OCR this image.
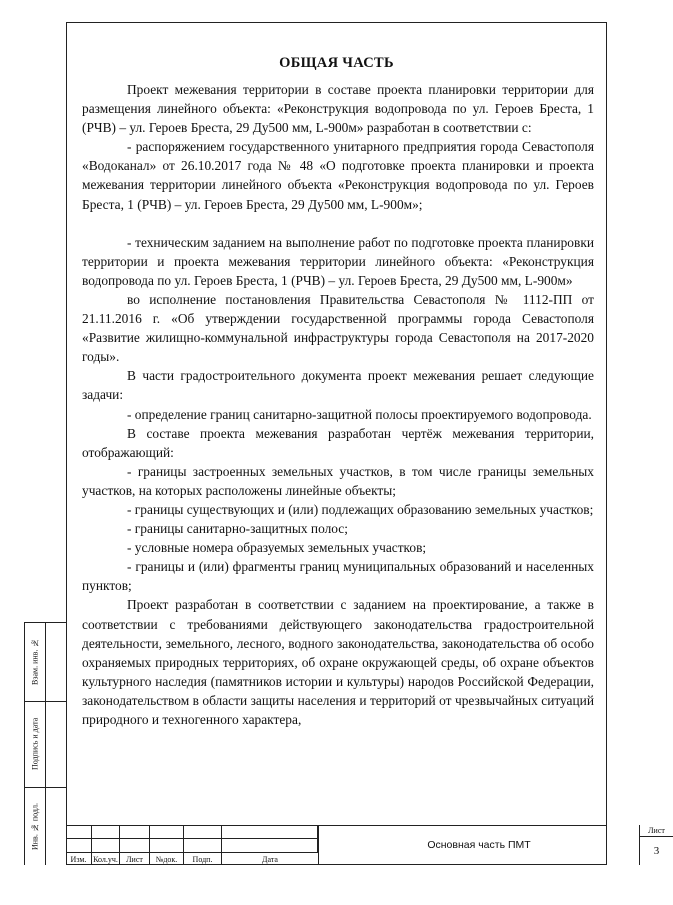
Взам. инв. №
Подпись и дата
Инв. № подл.
ОБЩАЯ ЧАСТЬ

Проект межевания территории в составе проекта планировки территории для размещения линейного объекта: «Реконструкция водопровода по ул. Героев Бреста, 1 (РЧВ) – ул. Героев Бреста, 29 Ду500 мм, L-900м» разработан в соответствии с:

- распоряжением государственного унитарного предприятия города Севастополя «Водоканал» от 26.10.2017 года № 48 «О подготовке проекта планировки и проекта межевания территории линейного объекта «Реконструкция водопровода по ул. Героев Бреста, 1 (РЧВ) – ул. Героев Бреста, 29 Ду500 мм, L-900м»;

- техническим заданием на выполнение работ по подготовке проекта планировки территории и проекта межевания территории линейного объекта: «Реконструкция водопровода по ул. Героев Бреста, 1 (РЧВ) – ул. Героев Бреста, 29 Ду500 мм, L-900м»

во исполнение постановления Правительства Севастополя № 1112-ПП от 21.11.2016 г. «Об утверждении государственной программы города Севастополя «Развитие жилищно-коммунальной инфраструктуры города Севастополя на 2017-2020 годы».

В части градостроительного документа проект межевания решает следующие задачи:

- определение границ санитарно-защитной полосы проектируемого водопровода.

В составе проекта межевания разработан чертёж межевания территории, отображающий:

- границы застроенных земельных участков, в том числе границы земельных участков, на которых расположены линейные объекты;

- границы существующих и (или) подлежащих образованию земельных участков;

- границы санитарно-защитных полос;

- условные номера образуемых земельных участков;

- границы и (или) фрагменты границ муниципальных образований и населенных пунктов;

Проект разработан в соответствии с заданием на проектирование, а также в соответствии с требованиями действующего законодательства градостроительной деятельности, земельного, лесного, водного законодательства, законодательства об особо охраняемых природных территориях, об охране окружающей среды, об охране объектов культурного наследия (памятников истории и культуры) народов Российской Федерации, законодательством в области защиты населения и территорий от чрезвычайных ситуаций природного и техногенного характера,

Изм. Кол.уч.	Лист	№док.	Подп.	Дата
Основная часть ПМТ
Лист
3
